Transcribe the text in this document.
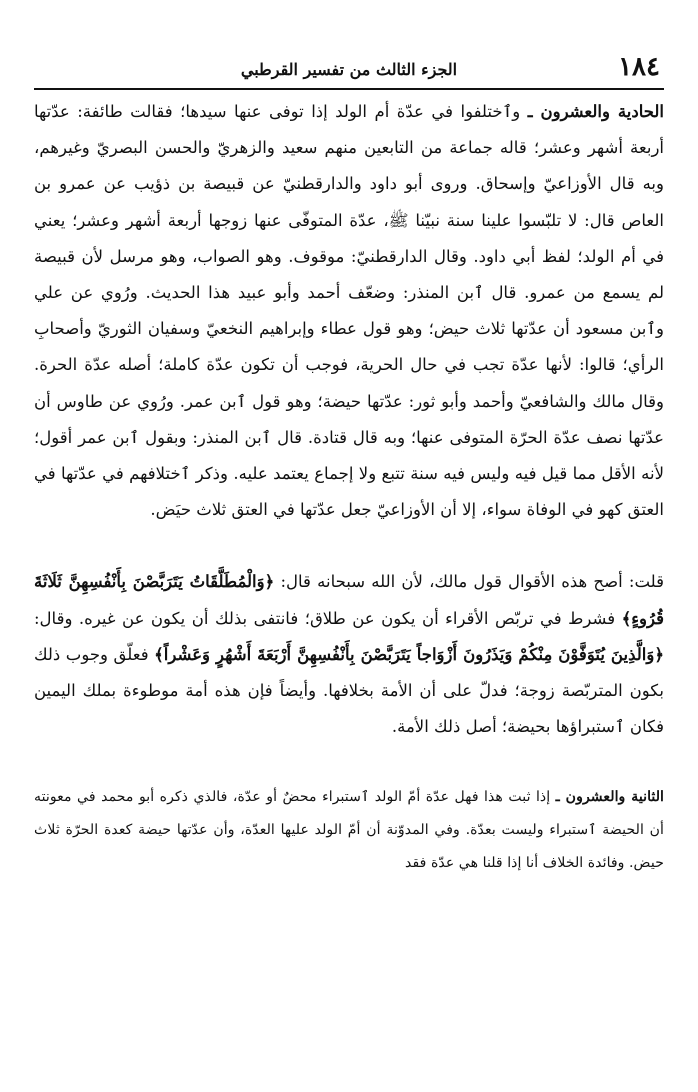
١٨٤
الجزء الثالث من تفسير القرطبي

الحادية والعشرون ـ وٱختلفوا في عدّة أم الولد إذا توفى عنها سيدها؛ فقالت طائفة: عدّتها أربعة أشهر وعشر؛ قاله جماعة من التابعين منهم سعيد والزهريّ والحسن البصريّ وغيرهم، وبه قال الأوزاعيّ وإسحاق. وروى أبو داود والدارقطنيّ عن قبيصة بن ذؤيب عن عمرو بن العاص قال: لا تلبّسوا علينا سنة نبيّنا ﷺ، عدّة المتوفّى عنها زوجها أربعة أشهر وعشر؛ يعني في أم الولد؛ لفظ أبي داود. وقال الدارقطنيّ: موقوف. وهو الصواب، وهو مرسل لأن قبيصة لم يسمع من عمرو. قال ٱبن المنذر: وضعّف أحمد وأبو عبيد هذا الحديث. ورُوي عن علي وٱبن مسعود أن عدّتها ثلاث حيض؛ وهو قول عطاء وإبراهيم النخعيّ وسفيان الثوريّ وأصحابِ الرأي؛ قالوا: لأنها عدّة تجب في حال الحرية، فوجب أن تكون عدّة كاملة؛ أصله عدّة الحرة. وقال مالك والشافعيّ وأحمد وأبو ثور: عدّتها حيضة؛ وهو قول ٱبن عمر. ورُوي عن طاوس أن عدّتها نصف عدّة الحرّة المتوفى عنها؛ وبه قال قتادة. قال ٱبن المنذر: وبقول ٱبن عمر أقول؛ لأنه الأقل مما قيل فيه وليس فيه سنة تتبع ولا إجماع يعتمد عليه. وذكر ٱختلافهم في عدّتها في العتق كهو في الوفاة سواء، إلا أن الأوزاعيّ جعل عدّتها في العتق ثلاث حيَض.

قلت: أصح هذه الأقوال قول مالك، لأن الله سبحانه قال: ﴿وَالْمُطَلَّقَاتُ يَتَرَبَّصْنَ بِأَنْفُسِهِنَّ ثَلَاثَةَ قُرُوءٍ﴾ فشرط في تربّص الأقراء أن يكون عن طلاق؛ فانتفى بذلك أن يكون عن غيره. وقال: ﴿وَالَّذِينَ يُتَوَفَّوْنَ مِنْكُمْ وَيَذَرُونَ أَزْوَاجاً يَتَرَبَّصْنَ بِأَنْفُسِهِنَّ أَرْبَعَةَ أَشْهُرٍ وَعَشْراً﴾ فعلّق وجوب ذلك بكون المتربّصة زوجة؛ فدلّ على أن الأمة بخلافها. وأيضاً فإن هذه أمة موطوءة بملك اليمين فكان ٱستبراؤها بحيضة؛ أصل ذلك الأمة.

الثانية والعشرون ـ إذا ثبت هذا فهل عدّة أمّ الولد ٱستبراء محضٌ أو عدّة، فالذي ذكره أبو محمد في معونته أن الحيضة ٱستبراء وليست بعدّة. وفي المدوّنة أن أمّ الولد عليها العدّة، وأن عدّتها حيضة كعدة الحرّة ثلاث حيض. وفائدة الخلاف أنا إذا قلنا هي عدّة فقد
